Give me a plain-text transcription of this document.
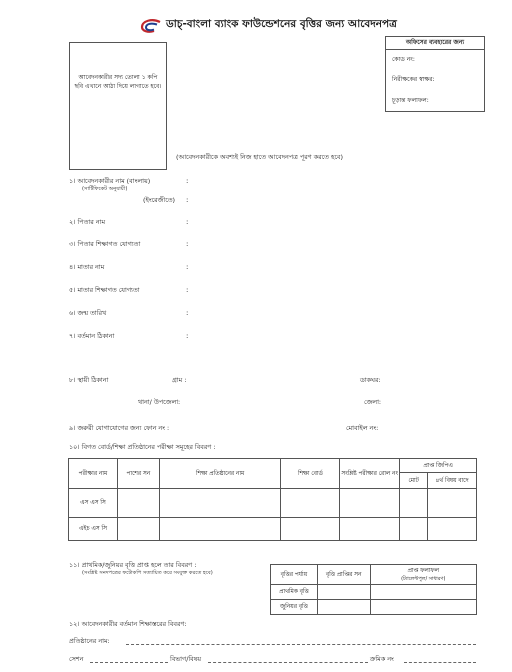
ডাচ্-বাংলা ব্যাংক ফাউন্ডেশনের বৃত্তির জন্য আবেদনপত্র
আবেদনকারীর সদ্য তোলা ১ কপি ছবি এখানে আঠা দিয়ে লাগাতে হবে।
অফিসের ব্যবহারের জন্য
কোড নং:
নিরীক্ষকের স্বাক্ষর:
চূড়ান্ত ফলাফল:
(আবেদনকারীকে অবশ্যই নিজ হাতে আবেদনপত্র পূরণ করতে হবে)
১। আবেদনকারীর নাম (বাংলায়)	:
(সার্টিফিকেট অনুযায়ী)
(ইংরেজীতে) :
২। পিতার নাম	:
৩। পিতার শিক্ষাগত যোগ্যতা	:
৪। মাতার নাম	:
৫। মাতার শিক্ষাগত যোগ্যতা	:
৬। জন্ম তারিখ	:
৭। বর্তমান ঠিকানা	:
৮। স্থায়ী ঠিকানা	গ্রাম :	ডাকঘর:
থানা/ উপজেলা:	জেলা:
৯। জরুরী যোগাযোগের জন্য ফোন নং :	মোবাইল নং:
১০। বিগত বোর্ড/শিক্ষা প্রতিষ্ঠানের পরীক্ষা সমূহের বিবরণ :
পরীক্ষার নাম	পাশের সন	শিক্ষা প্রতিষ্ঠানের নাম	শিক্ষা বোর্ড	সংশ্লিষ্ট পরীক্ষার রোল নং	প্রাপ্ত জিপিএ	
					মোট	৪র্থ বিষয় বাদে
এস এস সি						
এইচ এস সি						
১১। প্রাথমিক/জুনিয়র বৃত্তি প্রাপ্ত হলে তার বিবরণ :
(সংশ্লিষ্ট সনদপত্রের ফটোকপি সত্যায়িত করে সংযুক্ত করতে হবে)	বৃত্তির পর্যায়	বৃত্তি প্রাপ্তির সন	প্রাপ্ত ফলাফল
(ট্যালেন্টপুল/ সাধারণ)

প্রাথমিক বৃত্তি		
জুনিয়র বৃত্তি		
১২। আবেদনকারীর বর্তমান শিক্ষাস্তরের বিবরণ:
প্রতিষ্ঠানের নাম:
সেশন	বিভাগ/বিষয়	ক্রমিক নং
